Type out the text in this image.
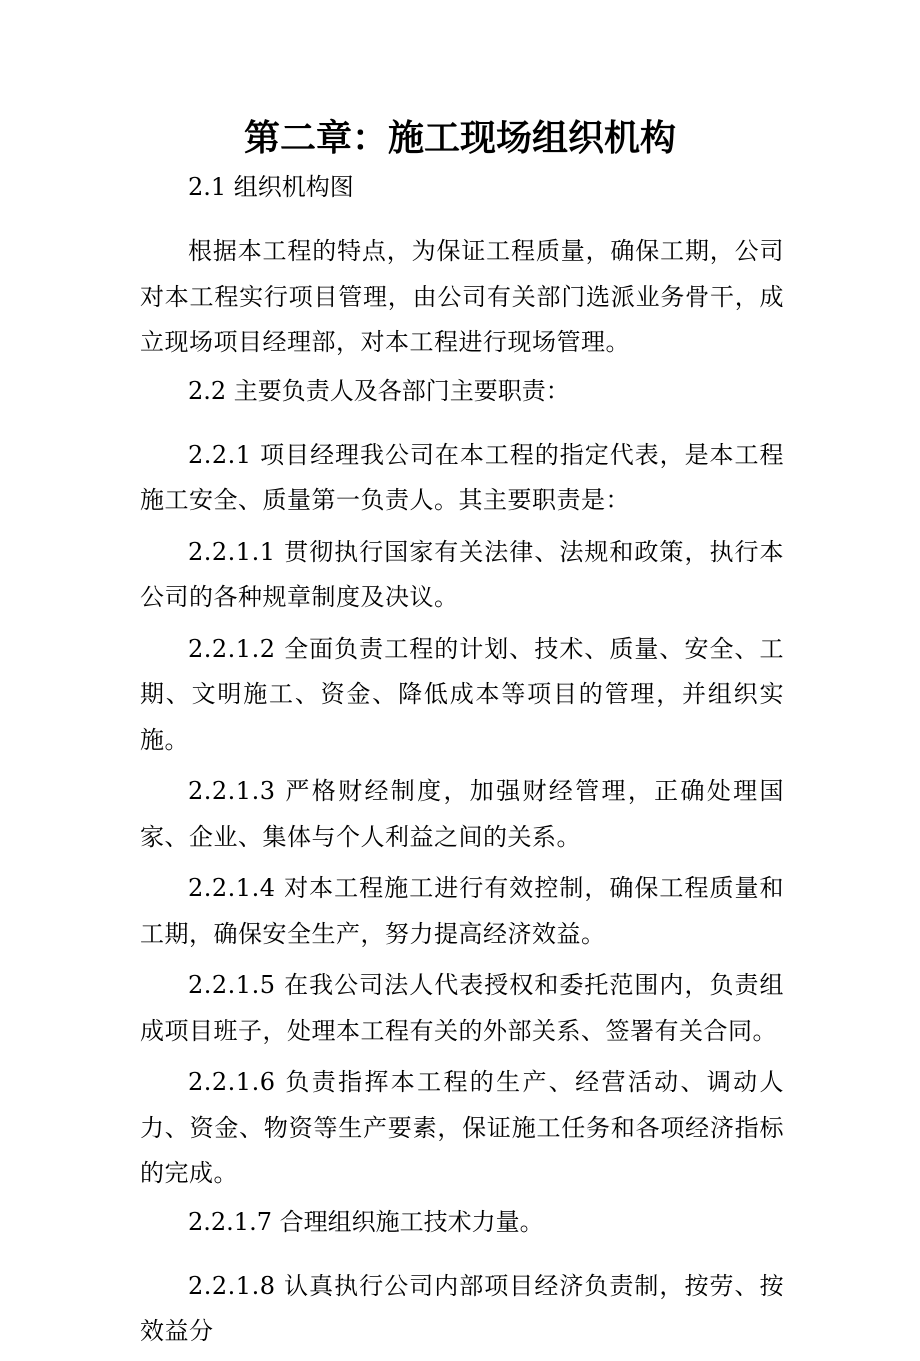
第二章：施工现场组织机构

2.1 组织机构图

根据本工程的特点，为保证工程质量，确保工期，公司对本工程实行项目管理，由公司有关部门选派业务骨干，成立现场项目经理部，对本工程进行现场管理。

2.2 主要负责人及各部门主要职责：

2.2.1 项目经理我公司在本工程的指定代表，是本工程施工安全、质量第一负责人。其主要职责是：

2.2.1.1 贯彻执行国家有关法律、法规和政策，执行本公司的各种规章制度及决议。

2.2.1.2 全面负责工程的计划、技术、质量、安全、工期、文明施工、资金、降低成本等项目的管理，并组织实施。

2.2.1.3 严格财经制度，加强财经管理，正确处理国家、企业、集体与个人利益之间的关系。

2.2.1.4 对本工程施工进行有效控制，确保工程质量和工期，确保安全生产，努力提高经济效益。

2.2.1.5 在我公司法人代表授权和委托范围内，负责组成项目班子，处理本工程有关的外部关系、签署有关合同。

2.2.1.6 负责指挥本工程的生产、经营活动、调动人力、资金、物资等生产要素，保证施工任务和各项经济指标的完成。

2.2.1.7 合理组织施工技术力量。

2.2.1.8 认真执行公司内部项目经济负责制，按劳、按效益分
